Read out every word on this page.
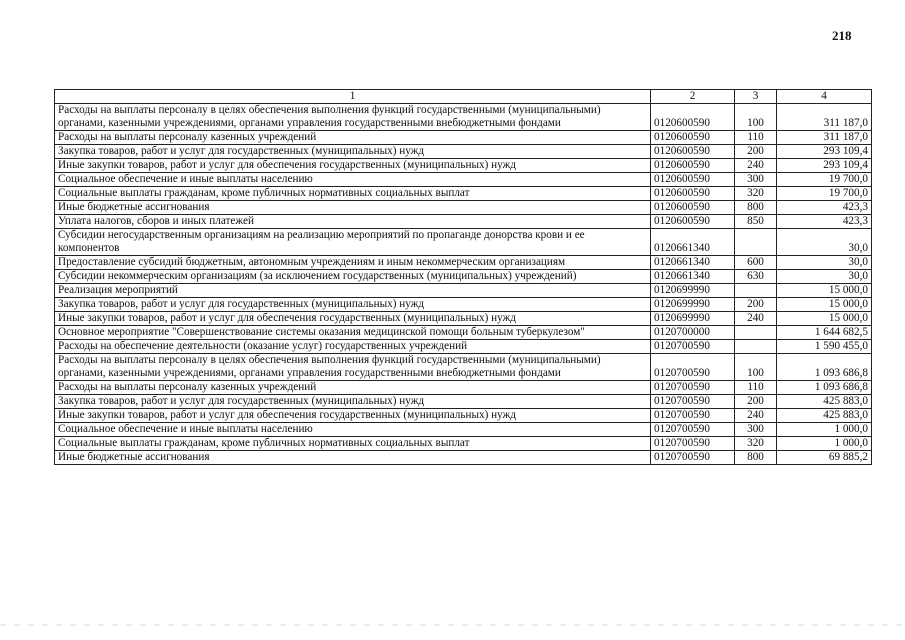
218
1	2	3	4
Расходы на выплаты персоналу в целях обеспечения выполнения функций государственными (муниципальными) органами, казенными учреждениями, органами управления государственными внебюджетными фондами	0120600590	100	311 187,0
Расходы на выплаты персоналу казенных учреждений	0120600590	110	311 187,0
Закупка товаров, работ и услуг для государственных (муниципальных) нужд	0120600590	200	293 109,4
Иные закупки товаров, работ и услуг для обеспечения государственных (муниципальных) нужд	0120600590	240	293 109,4
Социальное обеспечение и иные выплаты населению	0120600590	300	19 700,0
Социальные выплаты гражданам, кроме публичных нормативных социальных выплат	0120600590	320	19 700,0
Иные бюджетные ассигнования	0120600590	800	423,3
Уплата налогов, сборов и иных платежей	0120600590	850	423,3
Субсидии негосударственным организациям на реализацию мероприятий по пропаганде донорства крови и ее компонентов	0120661340		30,0
Предоставление субсидий бюджетным, автономным учреждениям и иным некоммерческим организациям	0120661340	600	30,0
Субсидии некоммерческим организациям (за исключением государственных (муниципальных) учреждений)	0120661340	630	30,0
Реализация мероприятий	0120699990		15 000,0
Закупка товаров, работ и услуг для государственных (муниципальных) нужд	0120699990	200	15 000,0
Иные закупки товаров, работ и услуг для обеспечения государственных (муниципальных) нужд	0120699990	240	15 000,0
Основное мероприятие "Совершенствование системы оказания медицинской помощи больным туберкулезом"	0120700000		1 644 682,5
Расходы на обеспечение деятельности (оказание услуг) государственных учреждений	0120700590		1 590 455,0
Расходы на выплаты персоналу в целях обеспечения выполнения функций государственными (муниципальными) органами, казенными учреждениями, органами управления государственными внебюджетными фондами	0120700590	100	1 093 686,8
Расходы на выплаты персоналу казенных учреждений	0120700590	110	1 093 686,8
Закупка товаров, работ и услуг для государственных (муниципальных) нужд	0120700590	200	425 883,0
Иные закупки товаров, работ и услуг для обеспечения государственных (муниципальных) нужд	0120700590	240	425 883,0
Социальное обеспечение и иные выплаты населению	0120700590	300	1 000,0
Социальные выплаты гражданам, кроме публичных нормативных социальных выплат	0120700590	320	1 000,0
Иные бюджетные ассигнования	0120700590	800	69 885,2
